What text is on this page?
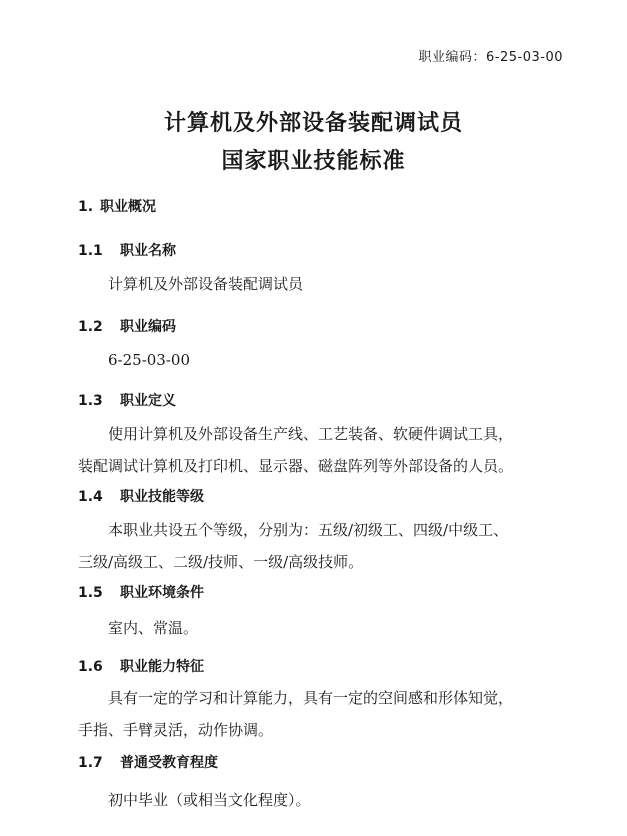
职业编码：6-25-03-00
计算机及外部设备装配调试员
国家职业技能标准
1. 职业概况
1.1 职业名称
计算机及外部设备装配调试员
1.2 职业编码
6-25-03-00
1.3 职业定义
使用计算机及外部设备生产线、工艺装备、软硬件调试工具，
装配调试计算机及打印机、显示器、磁盘阵列等外部设备的人员。
1.4 职业技能等级
本职业共设五个等级，分别为：五级/初级工、四级/中级工、
三级/高级工、二级/技师、一级/高级技师。
1.5 职业环境条件
室内、常温。
1.6 职业能力特征
具有一定的学习和计算能力，具有一定的空间感和形体知觉，
手指、手臂灵活，动作协调。
1.7 普通受教育程度
初中毕业（或相当文化程度）。
